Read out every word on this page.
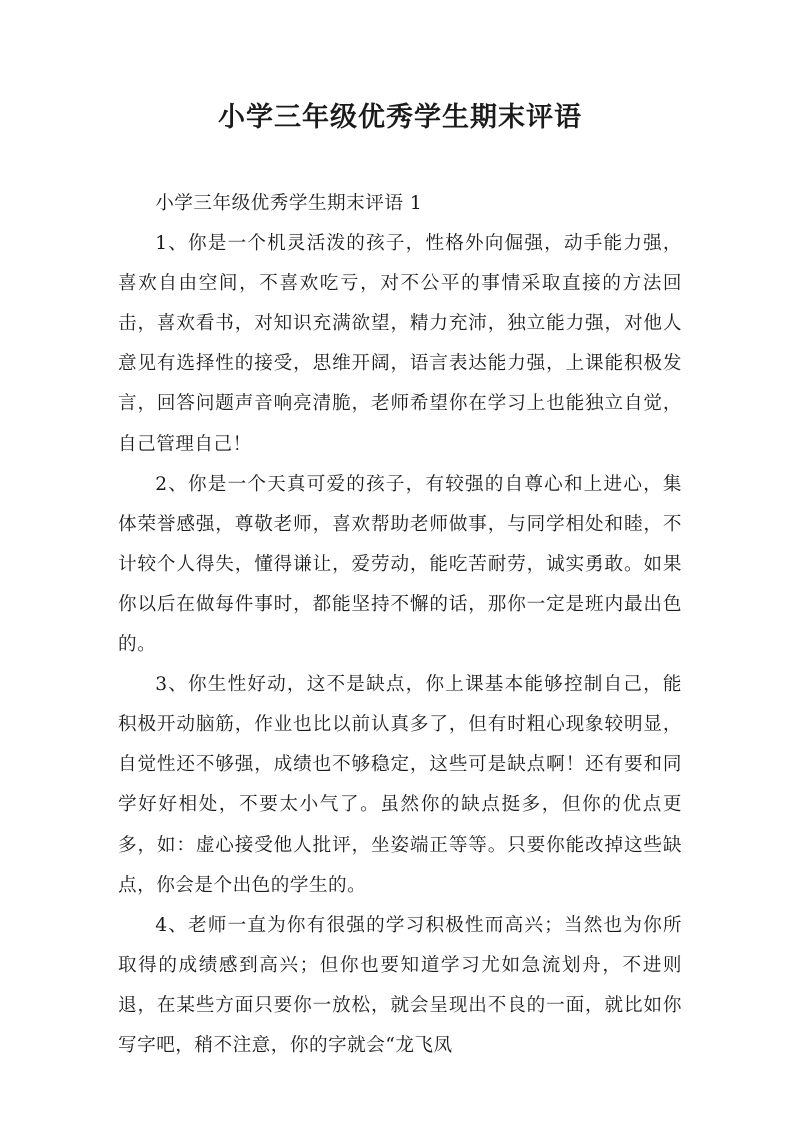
小学三年级优秀学生期末评语

小学三年级优秀学生期末评语 1

1、你是一个机灵活泼的孩子，性格外向倔强，动手能力强，喜欢自由空间，不喜欢吃亏，对不公平的事情采取直接的方法回击，喜欢看书，对知识充满欲望，精力充沛，独立能力强，对他人意见有选择性的接受，思维开阔，语言表达能力强，上课能积极发言，回答问题声音响亮清脆，老师希望你在学习上也能独立自觉，自己管理自己！

2、你是一个天真可爱的孩子，有较强的自尊心和上进心，集体荣誉感强，尊敬老师，喜欢帮助老师做事，与同学相处和睦，不计较个人得失，懂得谦让，爱劳动，能吃苦耐劳，诚实勇敢。如果你以后在做每件事时，都能坚持不懈的话，那你一定是班内最出色的。

3、你生性好动，这不是缺点，你上课基本能够控制自己，能积极开动脑筋，作业也比以前认真多了，但有时粗心现象较明显，自觉性还不够强，成绩也不够稳定，这些可是缺点啊！还有要和同学好好相处，不要太小气了。虽然你的缺点挺多，但你的优点更多，如：虚心接受他人批评，坐姿端正等等。只要你能改掉这些缺点，你会是个出色的学生的。

4、老师一直为你有很强的学习积极性而高兴；当然也为你所取得的成绩感到高兴；但你也要知道学习尤如急流划舟，不进则退，在某些方面只要你一放松，就会呈现出不良的一面，就比如你写字吧，稍不注意，你的字就会“龙飞凤
